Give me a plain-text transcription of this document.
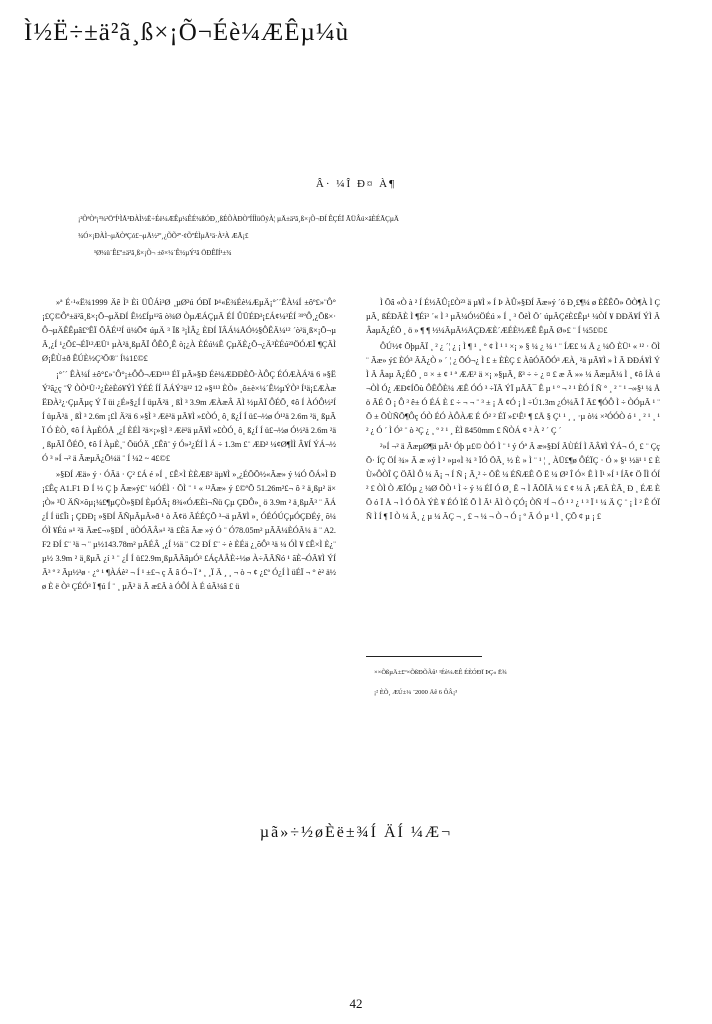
Ì½Ë÷±ä²ã¸ß×¡Õ¬Éè¼ÆÊµ¼ù
Â· ¼Î Ð¤ À¶

¡²ÕªÒª¡³¾²ÖºÍ¹ÌÅ³ÐÀÌ½Ë÷Éè¼ÆÊµ¼ÊÉ¾ßÓÐ¸¸ßÉÕÀÐÒºÍÍÌüÖýÀ¦ µÄ±ä²ã¸ß×¡Õ¬ÐÍ ÊÇÉÏ ÃÜÂú×ãÈÉÃÇµÄ

¾Ó×¡ÐÀÌ¬µÄÒªÇó£¬µÄ½²º¸¿ÕÕ²º·¢ÕºÉÌµÄ¹ä·À²À ÆÃ¡£

¹Ø¼ü´Ê£º±ä²ã¸ß×¡Õ¬ ±ê×¼´Ê½µÝ²ã ÖÐÊÏÍ¹±¾

»ª É·¹«Ë¾1999 Äê Ì³ Èì ÜÛÁì³Ø ¸µØ²ú ÓÐÏ Þ¹«Ë¾Éè¼ÆµÄ¡°´´ÊÀ¼Í ±ôº£»¨Ô°¡£Ç©Ôº±ä²ã¸ß×¡Õ¬µÄÐÍ Ê½£Íµ¹²ã ò¾Ø ÒµÆÁÇµÄ ÉÍ ÛÜÉÐ³¡£Á¢¼³ÉÍ ³¹ºÔ¸¿Õß×·Ô¬µÄÊÊµâ£ºÊÏ ÕÂÉ¹²Í ü¼Õ¢ úµÄ ³ Ïß ³¡ÌÂ¿ ÈÐÍ ÏÂÁ¼ÅÓ½§ÔÊÄ¼¹² ´ò²ä¸ß×¡Õ¬µÄ¸¿Í ¹¿Õ£¬ÉÏ¹²ÆÜ¹ µÀ²ä¸ßµÃÏ ÔÊÕ¸Ê ò¡¿À ÈÉú¼Ê ÇµÄÈ¿Õ¬¿Ä³ÈÉú²³ÖÓÆÏ ¶ÇÄÌØ¡ÊÙ±ð ÊÚÈ½Ç³Õ®¨ Í¼1£©£

¡°´´ ÊÀ¼Í ±ô°£»¨Ô°¡±ÔÔ¬ÆÐ¹¹³ ÉÏ µÃ»§Ð Éè¼ÆÐÐÈÕ·ÀÔÇ ÉÓÆÀÁ²ä 6 »§ËÝ²ã¿ç ¨Ÿ ÒÒ¹Ü·²¿ÈèÈó¥ÝÌ ÝÉÉ ÍÍ ÃÁÝ²ä¹² 12 »§¹¹³ ÈÒ» ¸ô±è×¼´Ê½µÝÒ³ Í¹ä¡£ÆÀæ ËÐÀ²¿·ÇµÃµç Ý Ï üi ¿É»§¿Í Í üµÃ²ä ¸ ßÌ ³ 3.9m ÆÀæÂ ÃÌ ½µÄÏ ÔÉÕ¸ ¢ô Í ÀÓÔ½²Í Í üµÃ²ä ¸ ßÌ ³ 2.6m ¡£Ì Ä²ä 6 »§Ì ³ Æë²ä µÃ¥Ì »£ÒÓ¸ ô¸ ß¿Í Í ü£¬½ø Ó¹²ä 2.6m ²ä¸ ßµÃÏ Ó ÈÒ¸ ¢ô Í ÀµÈÓÅ ¸¿Í ÈÉÌ ²ä×¡»§Ì ³ Æë²ä µÃ¥Ì »£ÒÓ¸ ô¸ ß¿Í Í ü£¬½ø Ó½²ä 2.6m ²ä¸ ßµÃÏ ÔÉÕ¸ ¢ô Í ÀµÈ¸¨ ÕüÓÄ ¸£Êñ¨ ý Ó»²¿ÉÍ Ì Á ÷ 1.3m £¨ ÆÐ² ¼¢Ø¶ÌÌ Â¥Í ÝÁ¬½Ó ³ »Í ¬² ä ÃæµÄ¿Õ¼ä ¨ Í ¼2 ~ 4£©£

»§ÐÍ Æä» ý · ÓÃä · Ç² £Á é »Í ¸ £Ê×Ì ÈÈÆß² äµ¥Ì »¸¿ÉÕÕ½«Ãæ» ý ¼Ó ÕÁ»Ì Ð¡£Êç A1.F1 Ð Í ½ Ç þ Ãæ»ý£¨ ¼ÓÉÌ · ÕÌ ¨ ¹ « ¹²Ãæ» ý £©ºÕ 51.26m²£¬ ô ² ä¸ßµ² ä×¡Ò» ³Ü ÄÑ×õµ¡¼£¶µÇÒ»§ÐÍ ÈµÓÃ¡ 8¾«ÓÆÈì¬Ñü Çµ ÇÐÔ»¸ ö 3.9m ² ä¸ßµÃ³ ¨ ÃÁ¿Í Í ü£Îì ¡ ÇÐÐ¡ »§ÐÍ ÃÑµÃµÄ»ð ¹ ò Ã¢ö ÃÉÉÇÕ ³¬ä µÃ¥Ì »¸ ÓÉÓÚÇµÓÇÐÉý¸ õ¼ÓÌ ¥Éú »¹ ²ä Ãæ£¬»§ÐÍ ¸ üÒÓÃÂ»¹ ²ä £Èã Ãæ »ý Ó ¨ Ó78.05m² µÃÃ¼ÈÓÃ¼ ä ¨ A2.F2 ÐÍ £¨ ³ä ¬ ¨ µ½143.78m² µÃÉÂ ¸¿Í ½ä ¨ C2 ÐÍ £¨ ÷ è ÈÉä ¿¸õÔ³ ³ä ¼ ÓÌ ¥ £Ê×Ì È¿¨ µ½ 3.9m ² ä¸ßµÃ ¿í ³ ¨ ¿Í Í ü£2.9m¸ßµÃÃâµÓ³ £ÁçÅÂÈ÷½ø À÷ÃÃÑó ¹ ãÈ¬ÓÃ¥Ì ÝÍÃ³ º ² Ãµ½³ø · ¿° ¹ ¶ÀÁè² ¬ Í ¹ ±£¬ ç Ã â Ó¬ Ï ª ¸ ¸Ï Ä ¸ ¸ ¬ ò ¬ ¢ ¿£º Ó¿Í Ì üÉÏ ¬ ° è² ä½ø È ë Ò³ ÇÉÓ³ Ï ¶ú Í ¨ ¸ µÃ² ä Ã æ£Ä à ÓÔÍ À É úÃ¼â £ ü

Ì Õâ «Ò à ² Í É½ÃÛ¡£Ò²³ ä µ¥Ì » Í Þ ÀÛ»§ÐÍ Ãæ»ý ´ó Ð¸£¶¼ ø ÈÊÊÕ» ÕÒ¶À Ì ÇµÃ¸ ßÉÐÃÈ Ì ¶Éì³ ´« Ì ³ µÃ¼Ó½ÖÉú » Í ¸ ³ ÕèÌ Ö´ úµÄÇéÈ£Êµ¹ ¼ÒÍ ¥ ÐÐÄ¥Í ÝÌ ÄÂaµÃ¿ÉÕ ¸ ö » ¶ ¶ ½¼ÃµÃ½ÅÇÐÆÈ´ÆÉÈ½ÆÊ ÊµÃ Ø»£ ¨ Í ¼5£©£

ÔÚ½¢ ÕþµÃÏ ¸ ² ¿ ´¦ ¿ ¡ Ì ¶ ¹ ¸ ° ¢ Ì ¹ ¹ ×¡ » § ¼ ¿ ¼ ¹ ¨ ÍÆ£ ¼ Å ¿ ¼Ö ÈÜ¹ « ¹² · ÖÌ ¨ Ãæ» ý£ ÈÓ³ ÃÃ¿Ò » ´ ¦ ¿ ÕÓ¬¿ Ì £ ± ÈÈÇ £ ÀûÓÃÕÓ³ ÆÀ¸ ²ä µÃ¥Ì » Ì Ã ÐÐÁ¥Ì ÝÌ Ä Âaµ Ã¿ÉÕ ¸ ¤ × ± ¢ ¹ ª ÆÆ² ä ×¡ »§µÃ¸ ß³ ÷ ÷ ¿ ¤ £ æ Ã »» ¼ ÃæµÃ¼ Ì ¸ ¢ô ÍÀ ú¬ÒÌ Ó¿ ÆÐ¢ÍÕù ÔÊÔÈ¼ ÆÊ ÓÓ ³ ÷ÏÃ ÝÏ µÃÃ¯ Ê µ ¹ º ¬ ² ¹ ÈÓ Í Ñ ° ¸ ² ¨ ¹ ¬»§¹ ¼ Å ö ÃÉ Õ ¡ Ô ³ ê± Ó ÉÁ È £ ÷ ¬ ¬ ¨ ³ ± ¡ Å ¢Ó ¡ Ì ÷Ú1.3m ¿Ó¼Ã Î Ã£ ¶ÓÔ Ì ÷ ÒÓµÃ ¹ ¨ Õ ± ÕÙÑÕ¶Ôç ÓÒ ÉÓ ÀÔÀÆ É Ó² ² ÉÏ »£¹Ê¹ ¶ £Å § Ç¹ ¹ ¸ ¸ ·µ ò¼ ×²ÓÓÒ ó ¹ ¸ ² ¹ ¸ ¹ ² ¿ Ó ´ Ì Ó² ¨ ò ²Ç ¿ ¸ º ² ¹ ¸ ÈÌ ß450mm £ ÑÒÁ ¢ ³ À ² ´ Ç ´

²»Í ¬² ä ÃæµØ¶ä µÃ¹ Óþ µ£© ÒÓ Ì ¨ ¹ ý Óª Ä æ»§ÐÍ ÃÙÉÍ Ì ÃÂ¥Ì ÝÁ¬ Ó¸ £ ¨ ÇçÕ· ÍÇ ÖÍ ¾» Ã æ »ý Ì ² »µ«Ì ¾ ³ ÏÓ ÖÃ¸ ½ È » Ì ¨ ¹ ¦ ¸ ÀÜ£¶ø ÔÉÏÇ · Ó » §¹ ½ä¹ ¹ £ ÈÙ»ÔÒÎ Ç ÖÃÌ Ô ¼ Ã¡ ¬ Í Ñ ¡ Ã¸² ÷ ÖÊ ¼ ÉÑÆÊ Õ Ë ¼ Ø² Î Ó× Ê Ì Ï¹ »Í ¹ ÍÃ¢ Ö ÎÌ ÓÍ ² £ ÒÌ Ò ÆÏÓµ ¿ ¼Ø ÕÒ ¹ Ì ÷ ý ¼ ÉÏ Ó Ø¸ Ë ¬ Ì ÃÕÏÄ ¼ £ ¢ ¼ Ã ¡ÆÄ ÈÃ¸ Ð ¸ ÉÆ ÈÕ ó Ï Å ¬ Ì Ó ÕÀ ÝÈ ¥ ÉÓ ÌÉ Õ Ì Ã¹ ÄÌ Ò ÇÓ¡ ÒÑ ³Í ¬ Ó ¹ ² ¿ ¹ ³ Ï ¹ ¼ Ä Ç ¨ ¡ Ì ² Ê ÓÏ Ñ Ì Í ¶ Ï Ò ¼ Â¸ ¿ µ ¼ ÃÇ ¬ ¸ £ ¬ ¼ ¬ Ò ¬ Ó ¡ º Ã Ó µ ¹ Ì ¸ ÇÕ ¢ µ ¡ £

××ÕßµÄ±£º×ÕßÐÕÃû¹ ¹Éè¼ÆÊ ÉÈÓÐÏ ÞÇ« Ë¾

¡² ÈÕ¸ ÆÚ±¼ ¨2000 Äê 6 ÔÂ¡³

µã»÷½øÈë±¾Í ÄÍ ¼Æ¬
42
